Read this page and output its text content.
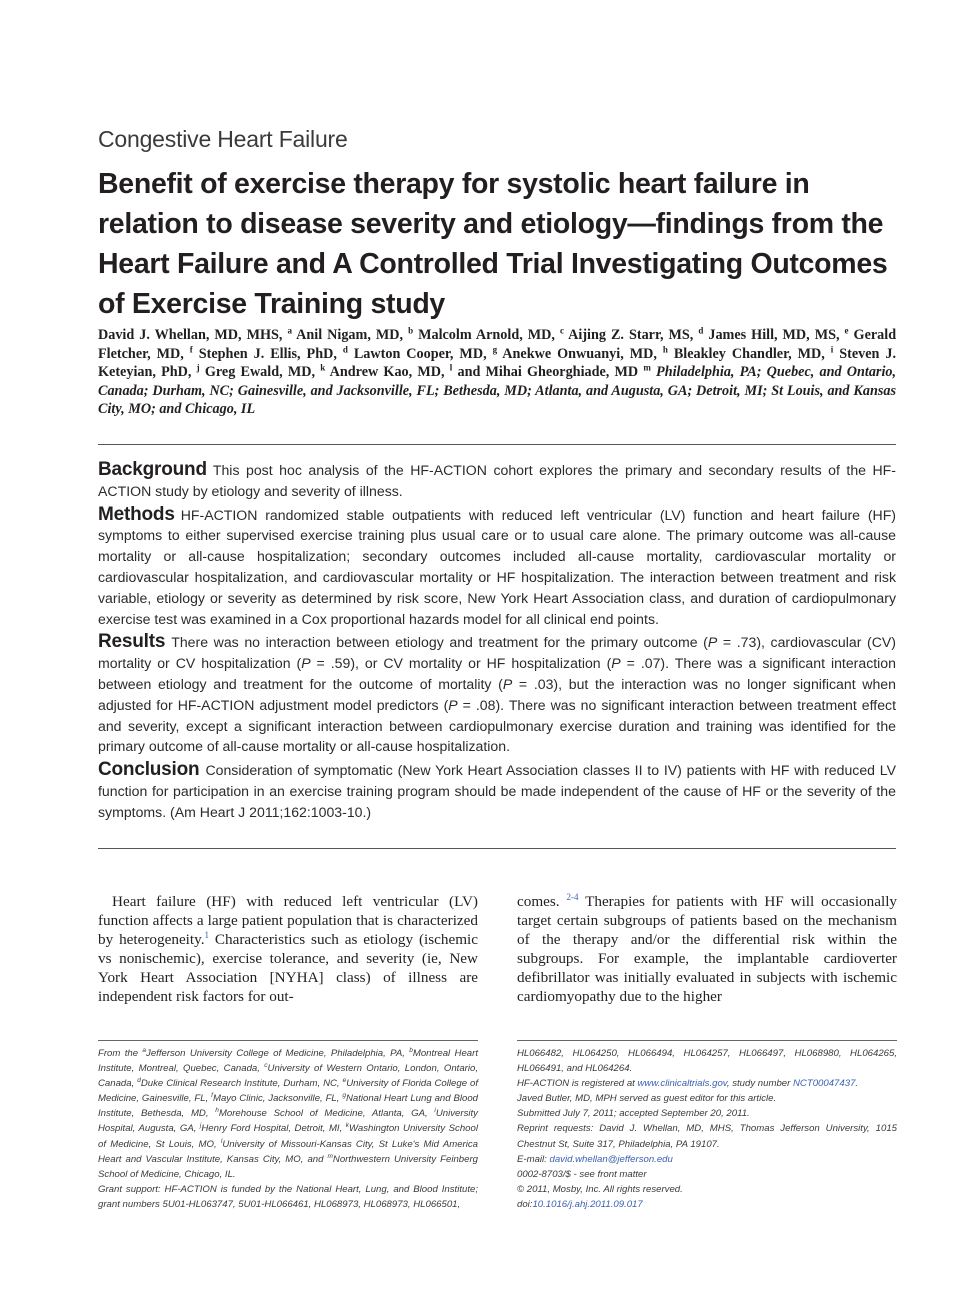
Congestive Heart Failure
Benefit of exercise therapy for systolic heart failure in relation to disease severity and etiology—findings from the Heart Failure and A Controlled Trial Investigating Outcomes of Exercise Training study
David J. Whellan, MD, MHS, $^a$ Anil Nigam, MD, $^b$ Malcolm Arnold, MD, $^c$ Aijing Z. Starr, MS, $^d$ James Hill, MD, MS, $^e$ Gerald Fletcher, MD, $^f$ Stephen J. Ellis, PhD, $^d$ Lawton Cooper, MD, $^g$ Anekwe Onwuanyi, MD, $^h$ Bleakley Chandler, MD, $^i$ Steven J. Keteyian, PhD, $^j$ Greg Ewald, MD, $^k$ Andrew Kao, MD, $^l$ and Mihai Gheorghiade, MD $^m$ Philadelphia, PA; Quebec, and Ontario, Canada; Durham, NC; Gainesville, and Jacksonville, FL; Bethesda, MD; Atlanta, and Augusta, GA; Detroit, MI; St Louis, and Kansas City, MO; and Chicago, IL

Background This post hoc analysis of the HF-ACTION cohort explores the primary and secondary results of the HF-ACTION study by etiology and severity of illness.

Methods HF-ACTION randomized stable outpatients with reduced left ventricular (LV) function and heart failure (HF) symptoms to either supervised exercise training plus usual care or to usual care alone. The primary outcome was all-cause mortality or all-cause hospitalization; secondary outcomes included all-cause mortality, cardiovascular mortality or cardiovascular hospitalization, and cardiovascular mortality or HF hospitalization. The interaction between treatment and risk variable, etiology or severity as determined by risk score, New York Heart Association class, and duration of cardiopulmonary exercise test was examined in a Cox proportional hazards model for all clinical end points.

Results There was no interaction between etiology and treatment for the primary outcome (P = .73), cardiovascular (CV) mortality or CV hospitalization (P = .59), or CV mortality or HF hospitalization (P = .07). There was a significant interaction between etiology and treatment for the outcome of mortality (P = .03), but the interaction was no longer significant when adjusted for HF-ACTION adjustment model predictors (P = .08). There was no significant interaction between treatment effect and severity, except a significant interaction between cardiopulmonary exercise duration and training was identified for the primary outcome of all-cause mortality or all-cause hospitalization.

Conclusion Consideration of symptomatic (New York Heart Association classes II to IV) patients with HF with reduced LV function for participation in an exercise training program should be made independent of the cause of HF or the severity of the symptoms. (Am Heart J 2011;162:1003-10.)

Heart failure (HF) with reduced left ventricular (LV) function affects a large patient population that is characterized by heterogeneity.$^1$ Characteristics such as etiology (ischemic vs nonischemic), exercise tolerance, and severity (ie, New York Heart Association [NYHA] class) of illness are independent risk factors for out-

comes. $^{2-4}$ Therapies for patients with HF will occasionally target certain subgroups of patients based on the mechanism of the therapy and/or the differential risk within the subgroups. For example, the implantable cardioverter defibrillator was initially evaluated in subjects with ischemic cardiomyopathy due to the higher

From the $^a$Jefferson University College of Medicine, Philadelphia, PA, $^b$Montreal Heart Institute, Montreal, Quebec, Canada, $^c$University of Western Ontario, London, Ontario, Canada, $^d$Duke Clinical Research Institute, Durham, NC, $^e$University of Florida College of Medicine, Gainesville, FL, $^f$Mayo Clinic, Jacksonville, FL, $^g$National Heart Lung and Blood Institute, Bethesda, MD, $^h$Morehouse School of Medicine, Atlanta, GA, $^i$University Hospital, Augusta, GA, $^j$Henry Ford Hospital, Detroit, MI, $^k$Washington University School of Medicine, St Louis, MO, $^l$University of Missouri-Kansas City, St Luke's Mid America Heart and Vascular Institute, Kansas City, MO, and $^m$Northwestern University Feinberg School of Medicine, Chicago, IL.

Grant support: HF-ACTION is funded by the National Heart, Lung, and Blood Institute; grant numbers 5U01-HL063747, 5U01-HL066461, HL068973, HL068973, HL066501,

HL066482, HL064250, HL066494, HL064257, HL066497, HL068980, HL064265, HL066491, and HL064264.

HF-ACTION is registered at www.clinicaltrials.gov, study number NCT00047437.

Javed Butler, MD, MPH served as guest editor for this article.

Submitted July 7, 2011; accepted September 20, 2011.

Reprint requests: David J. Whellan, MD, MHS, Thomas Jefferson University, 1015 Chestnut St, Suite 317, Philadelphia, PA 19107.

E-mail: david.whellan@jefferson.edu

0002-8703/$ - see front matter

© 2011, Mosby, Inc. All rights reserved.

doi:10.1016/j.ahj.2011.09.017
